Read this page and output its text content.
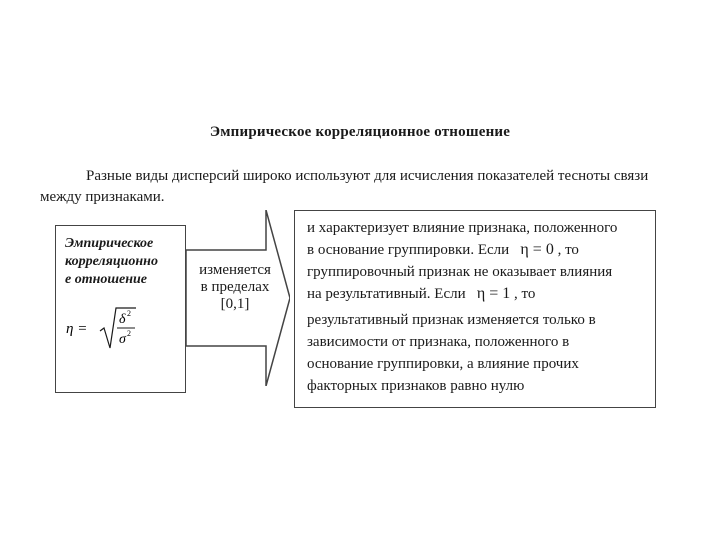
Эмпирическое корреляционное отношение
Разные виды дисперсий широко используют для исчисления показателей тесноты связи между признаками.
Эмпирическое
корреляционно
е отношение
η =
δ 2
σ 2
изменяется
в пределах
[0,1]
и характеризует влияние признака, положенного
в основание группировки. Если η = 0 , то
группировочный признак не оказывает влияния
на результативный. Если η = 1 , то
результативный признак изменяется только в
зависимости от признака, положенного в
основание группировки, а влияние прочих
факторных признаков равно нулю
